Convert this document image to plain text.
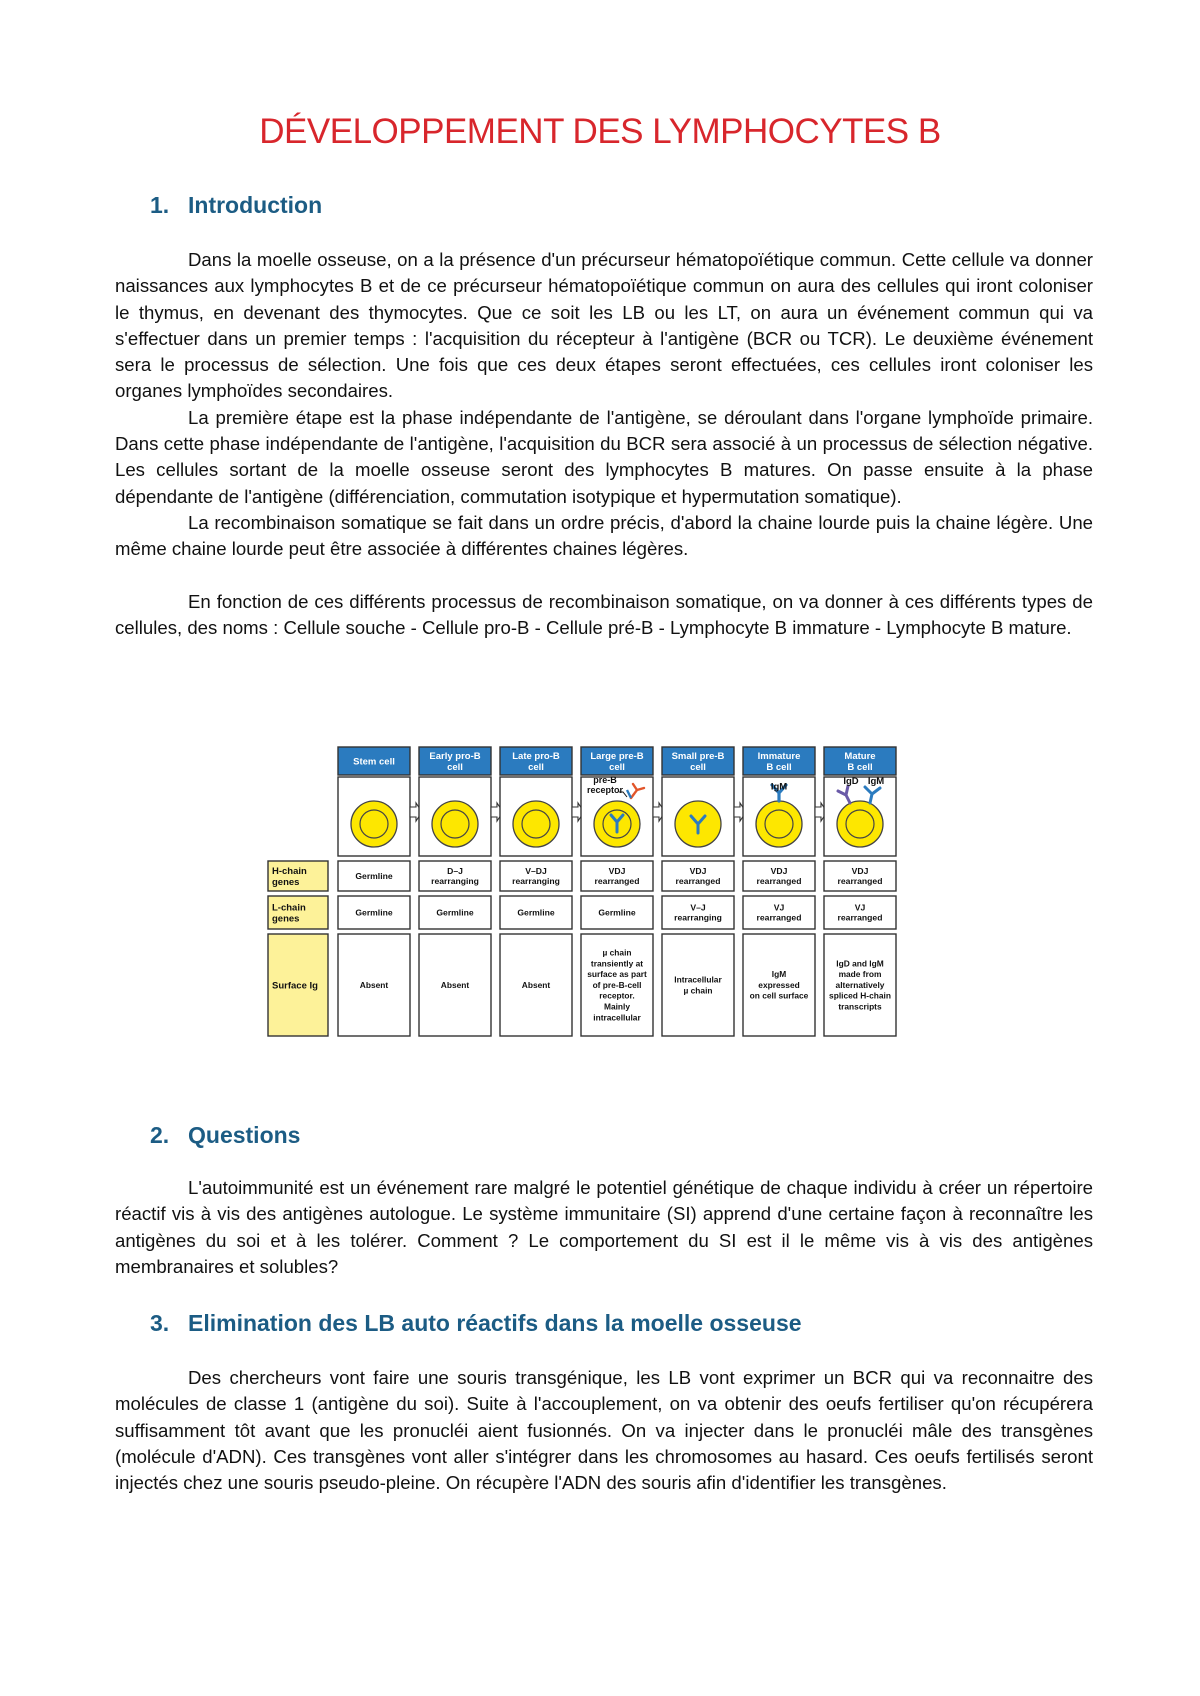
DÉVELOPPEMENT DES LYMPHOCYTES B
1. Introduction

Dans la moelle osseuse, on a la présence d'un précurseur hématopoïétique commun. Cette cellule va donner naissances aux lymphocytes B et de ce précurseur hématopoïétique commun on aura des cellules qui iront coloniser le thymus, en devenant des thymocytes. Que ce soit les LB ou les LT, on aura un événement commun qui va s'effectuer dans un premier temps : l'acquisition du récepteur à l'antigène (BCR ou TCR). Le deuxième événement sera le processus de sélection. Une fois que ces deux étapes seront effectuées, ces cellules iront coloniser les organes lymphoïdes secondaires.

La première étape est la phase indépendante de l'antigène, se déroulant dans l'organe lymphoïde primaire. Dans cette phase indépendante de l'antigène, l'acquisition du BCR sera associé à un processus de sélection négative. Les cellules sortant de la moelle osseuse seront des lymphocytes B matures. On passe ensuite à la phase dépendante de l'antigène (différenciation, commutation isotypique et hypermutation somatique).

La recombinaison somatique se fait dans un ordre précis, d'abord la chaine lourde puis la chaine légère. Une même chaine lourde peut être associée à différentes chaines légères.

En fonction de ces différents processus de recombinaison somatique, on va donner à ces différents types de cellules, des noms : Cellule souche - Cellule pro-B - Cellule pré-B - Lymphocyte B immature - Lymphocyte B mature.

H-chain genes
L-chain genes
Surface Ig
Stem cell
Germline
Germline
Absent
Early pro-B cell
D–J rearranging
Germline
Absent
Late pro-B cell
V–DJ rearranging
Germline
Absent
Large pre-B cell
pre-B receptor
VDJ rearranged
Germline
µ chain transiently at surface as part of pre-B-cell receptor. Mainly intracellular
Small pre-B cell
VDJ rearranged
V–J rearranging
Intracellular µ chain
Immature B cell
IgM
VDJ rearranged
VJ rearranged
IgM expressed on cell surface
Mature B cell
IgD IgM
VDJ rearranged
VJ rearranged
IgD and IgM made from alternatively spliced H-chain transcripts
2. Questions

L'autoimmunité est un événement rare malgré le potentiel génétique de chaque individu à créer un répertoire réactif vis à vis des antigènes autologue. Le système immunitaire (SI) apprend d'une certaine façon à reconnaître les antigènes du soi et à les tolérer. Comment ? Le comportement du SI est il le même vis à vis des antigènes membranaires et solubles?

3. Elimination des LB auto réactifs dans la moelle osseuse

Des chercheurs vont faire une souris transgénique, les LB vont exprimer un BCR qui va reconnaitre des molécules de classe 1 (antigène du soi). Suite à l'accouplement, on va obtenir des oeufs fertiliser qu'on récupérera suffisamment tôt avant que les pronucléi aient fusionnés. On va injecter dans le pronucléi mâle des transgènes (molécule d'ADN). Ces transgènes vont aller s'intégrer dans les chromosomes au hasard. Ces oeufs fertilisés seront injectés chez une souris pseudo-pleine. On récupère l'ADN des souris afin d'identifier les transgènes.
